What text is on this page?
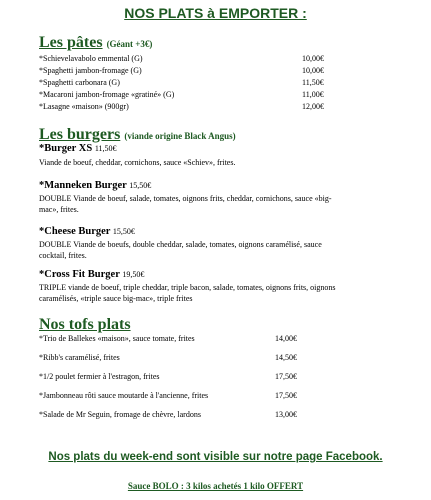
NOS PLATS à EMPORTER :
Les pâtes (Géant +3€)
*Schievelavabolo emmental (G)	10,00€
*Spaghetti jambon-fromage (G)	10,00€
*Spaghetti carbonara (G)	11,50€
*Macaroni jambon-fromage «gratiné» (G)	11,00€
*Lasagne «maison» (900gr)	12,00€
Les burgers (viande origine Black Angus)
*Burger XS 11,50€
Viande de boeuf, cheddar, cornichons, sauce «Schiev», frites.
*Manneken Burger 15,50€
DOUBLE Viande de boeuf, salade, tomates, oignons frits, cheddar, cornichons, sauce «big-
mac», frites.
*Cheese Burger 15,50€
DOUBLE Viande de boeufs, double cheddar, salade, tomates, oignons caramélisé, sauce
cocktail, frites.
*Cross Fit Burger 19,50€
TRIPLE viande de boeuf, triple cheddar, triple bacon, salade, tomates, oignons frits, oignons
caramélisés, «triple sauce big-mac», triple frites
Nos tofs plats
*Trio de Ballekes «maison», sauce tomate, frites	14,00€
*Ribb's caramélisé, frites	14,50€
*1/2 poulet fermier à l'estragon, frites	17,50€
*Jambonneau rôti sauce moutarde à l'ancienne, frites	17,50€
*Salade de Mr Seguin, fromage de chèvre, lardons	13,00€
Nos plats du week-end sont visible sur notre page Facebook.
Sauce BOLO : 3 kilos achetés 1 kilo OFFERT
